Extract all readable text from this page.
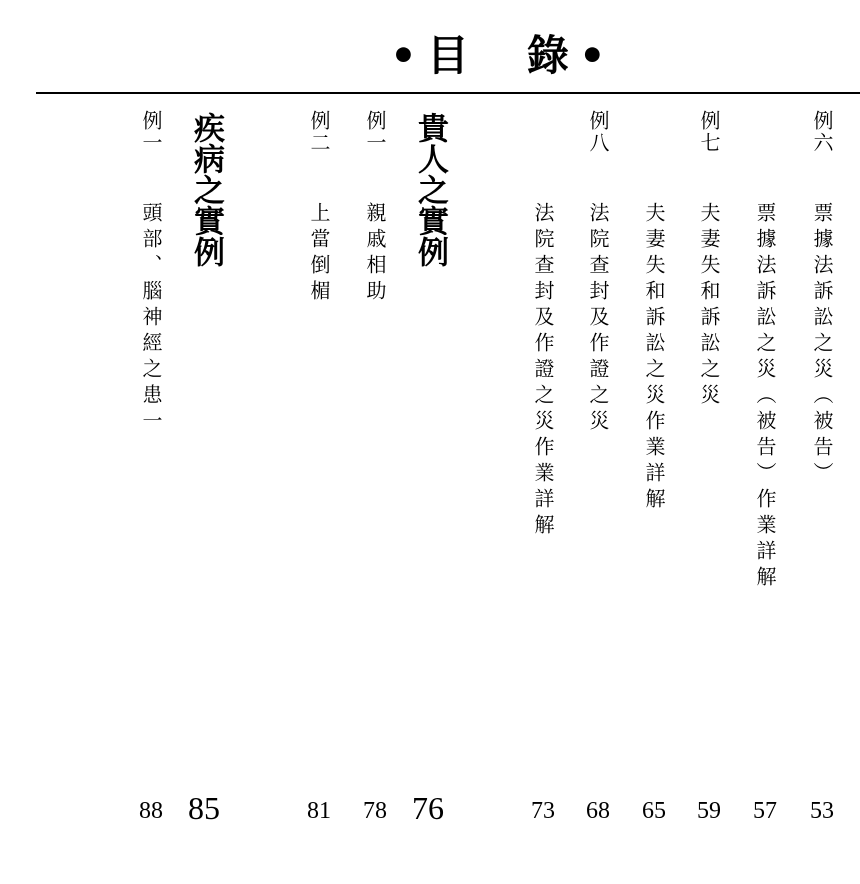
• 目 錄 •
例六
票據法訴訟之災（被告）
53
票據法訴訟之災（被告）作業詳解
57
例七
夫妻失和訴訟之災
59
夫妻失和訴訟之災作業詳解
65
例八
法院查封及作證之災
68
法院查封及作證之災作業詳解
73
貴人之實例
76
例一
親戚相助
78
例二
上當倒楣
81
疾病之實例
85
例一
頭部、腦神經之患一
88
